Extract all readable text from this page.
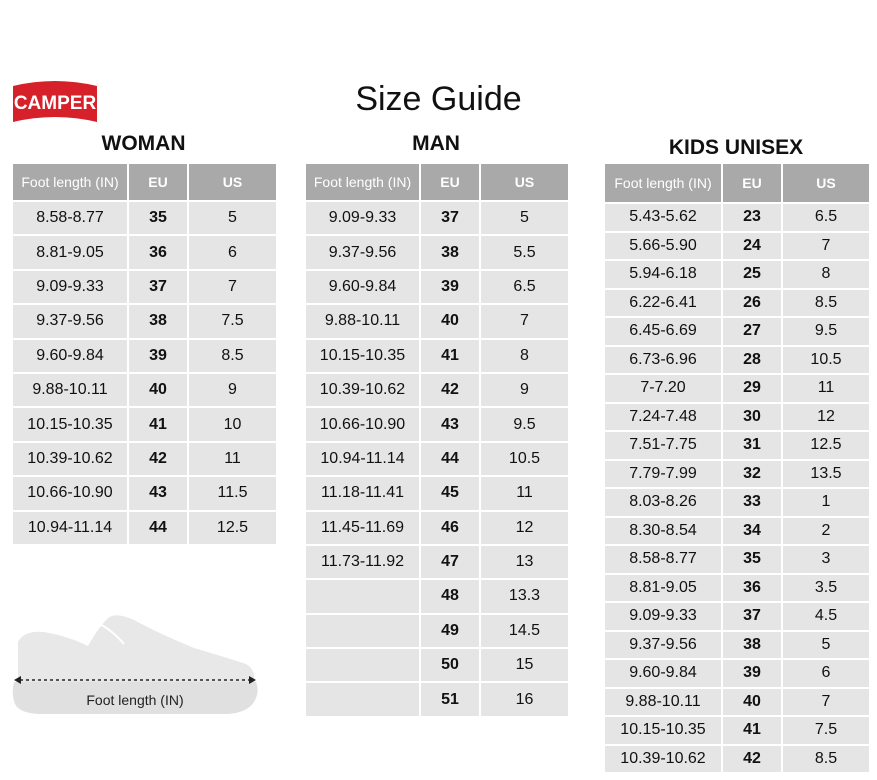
CAMPER	Size Guide
WOMAN	MAN	KIDS UNISEX
Foot length (IN)	EU	US
8.58-8.77	35	5
8.81-9.05	36	6
9.09-9.33	37	7
9.37-9.56	38	7.5
9.60-9.84	39	8.5
9.88-10.11	40	9
10.15-10.35	41	10
10.39-10.62	42	11
10.66-10.90	43	11.5
10.94-11.14	44	12.5
Foot length (IN)	EU	US
9.09-9.33	37	5
9.37-9.56	38	5.5
9.60-9.84	39	6.5
9.88-10.11	40	7
10.15-10.35	41	8
10.39-10.62	42	9
10.66-10.90	43	9.5
10.94-11.14	44	10.5
11.18-11.41	45	11
11.45-11.69	46	12
11.73-11.92	47	13
	48	13.3
	49	14.5
	50	15
	51	16
Foot length (IN)	EU	US
5.43-5.62	23	6.5
5.66-5.90	24	7
5.94-6.18	25	8
6.22-6.41	26	8.5
6.45-6.69	27	9.5
6.73-6.96	28	10.5
7-7.20	29	11
7.24-7.48	30	12
7.51-7.75	31	12.5
7.79-7.99	32	13.5
8.03-8.26	33	1
8.30-8.54	34	2
8.58-8.77	35	3
8.81-9.05	36	3.5
9.09-9.33	37	4.5
9.37-9.56	38	5
9.60-9.84	39	6
9.88-10.11	40	7
10.15-10.35	41	7.5
10.39-10.62	42	8.5
Foot length (IN)
